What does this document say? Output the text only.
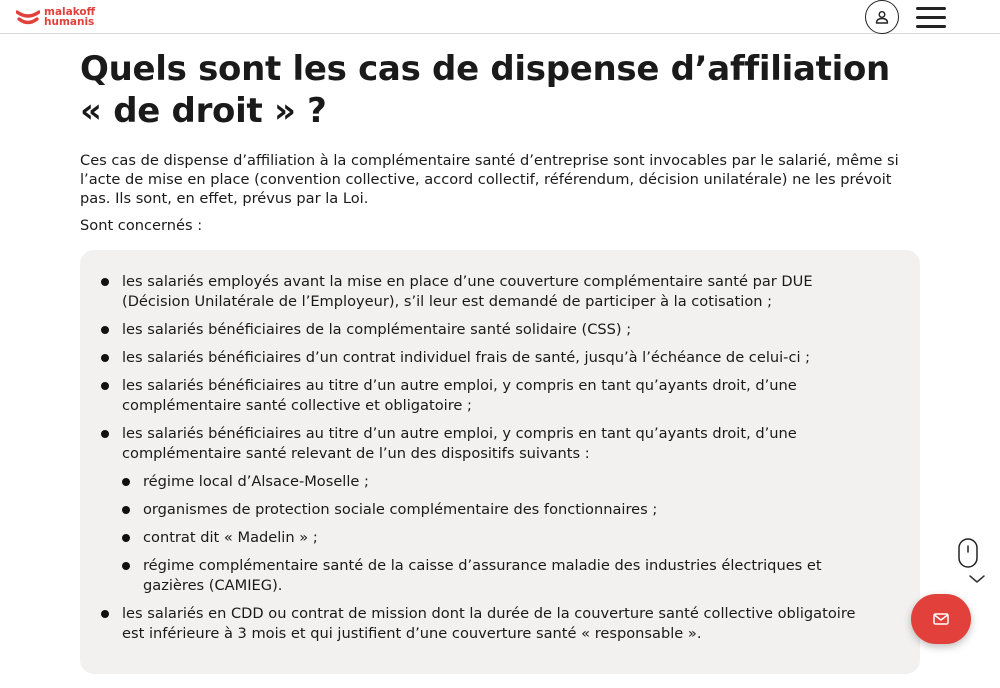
malakoff
humanis
Quels sont les cas de dispense d’affiliation « de droit » ?

Ces cas de dispense d’affiliation à la complémentaire santé d’entreprise sont invocables par le salarié, même si l’acte de mise en place (convention collective, accord collectif, référendum, décision unilatérale) ne les prévoit pas. Ils sont, en effet, prévus par la Loi.

Sont concernés :

les salariés employés avant la mise en place d’une couverture complémentaire santé par DUE (Décision Unilatérale de l’Employeur), s’il leur est demandé de participer à la cotisation ;
les salariés bénéficiaires de la complémentaire santé solidaire (CSS) ;
les salariés bénéficiaires d’un contrat individuel frais de santé, jusqu’à l’échéance de celui-ci ;
les salariés bénéficiaires au titre d’un autre emploi, y compris en tant qu’ayants droit, d’une complémentaire santé collective et obligatoire ;
les salariés bénéficiaires au titre d’un autre emploi, y compris en tant qu’ayants droit, d’une complémentaire santé relevant de l’un des dispositifs suivants :
régime local d’Alsace-Moselle ;
organismes de protection sociale complémentaire des fonctionnaires ;
contrat dit « Madelin » ;
régime complémentaire santé de la caisse d’assurance maladie des industries électriques et gazières (CAMIEG).
les salariés en CDD ou contrat de mission dont la durée de la couverture santé collective obligatoire est inférieure à 3 mois et qui justifient d’une couverture santé « responsable ».
